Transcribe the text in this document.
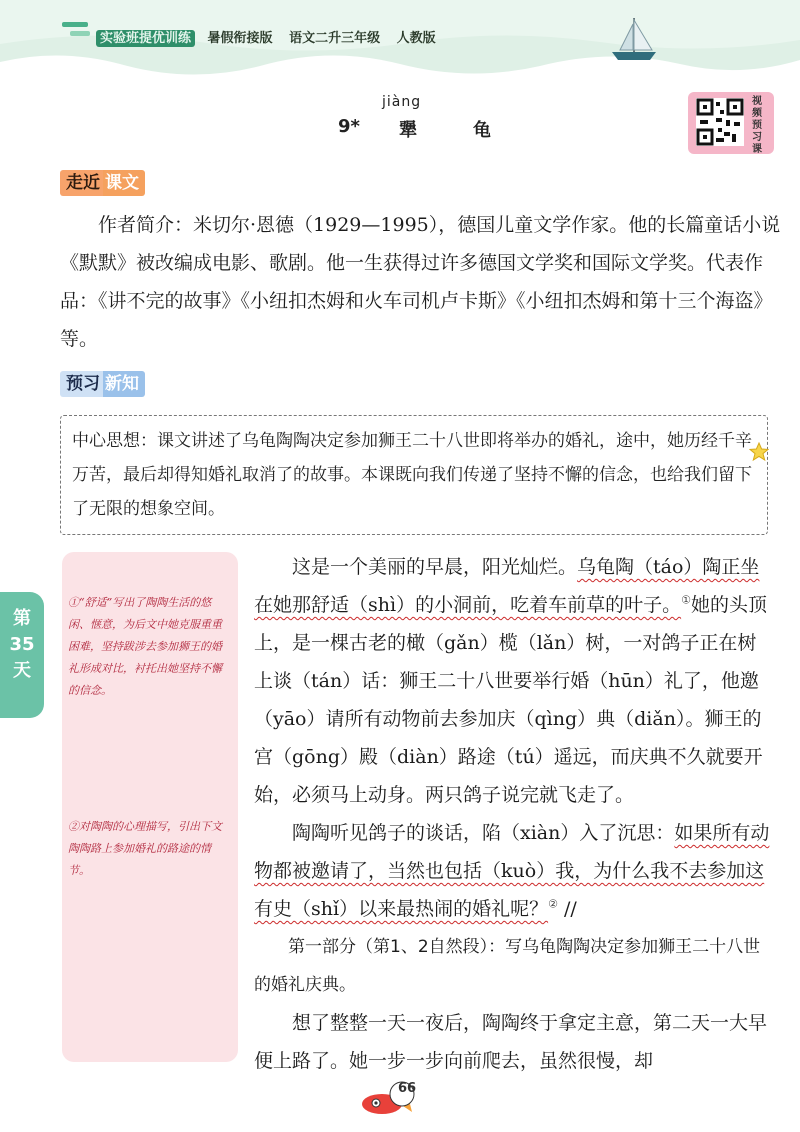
实验班提优训练 暑假衔接版 语文二升三年级 人教版
jiàng
9* 犟龟
视频预习课
走近 课文
作者简介：米切尔·恩德（1929—1995），德国儿童文学作家。他的长篇童话小说《默默》被改编成电影、歌剧。他一生获得过许多德国文学奖和国际文学奖。代表作品：《讲不完的故事》《小纽扣杰姆和火车司机卢卡斯》《小纽扣杰姆和第十三个海盗》等。
预习 新知
中心思想：课文讲述了乌龟陶陶决定参加狮王二十八世即将举办的婚礼，途中，她历经千辛万苦，最后却得知婚礼取消了的故事。本课既向我们传递了坚持不懈的信念，也给我们留下了无限的想象空间。
第
35
天
①“舒适”写出了陶陶生活的悠闲、惬意，为后文中她克服重重困难，坚持跋涉去参加狮王的婚礼形成对比，衬托出她坚持不懈的信念。
②对陶陶的心理描写，引出下文陶陶路上参加婚礼的路途的情节。

这是一个美丽的早晨，阳光灿烂。乌龟陶（táo）陶正坐在她那舒适（shì）的小洞前，吃着车前草的叶子。①她的头顶上，是一棵古老的橄（gǎn）榄（lǎn）树，一对鸽子正在树上谈（tán）话：狮王二十八世要举行婚（hūn）礼了，他邀（yāo）请所有动物前去参加庆（qìng）典（diǎn）。狮王的宫（gōng）殿（diàn）路途（tú）遥远，而庆典不久就要开始，必须马上动身。两只鸽子说完就飞走了。

陶陶听见鸽子的谈话，陷（xiàn）入了沉思：如果所有动物都被邀请了，当然也包括（kuò）我，为什么我不去参加这有史（shǐ）以来最热闹的婚礼呢？② //

第一部分（第1、2自然段）：写乌龟陶陶决定参加狮王二十八世的婚礼庆典。

想了整整一天一夜后，陶陶终于拿定主意，第二天一大早便上路了。她一步一步向前爬去，虽然很慢，却

66
